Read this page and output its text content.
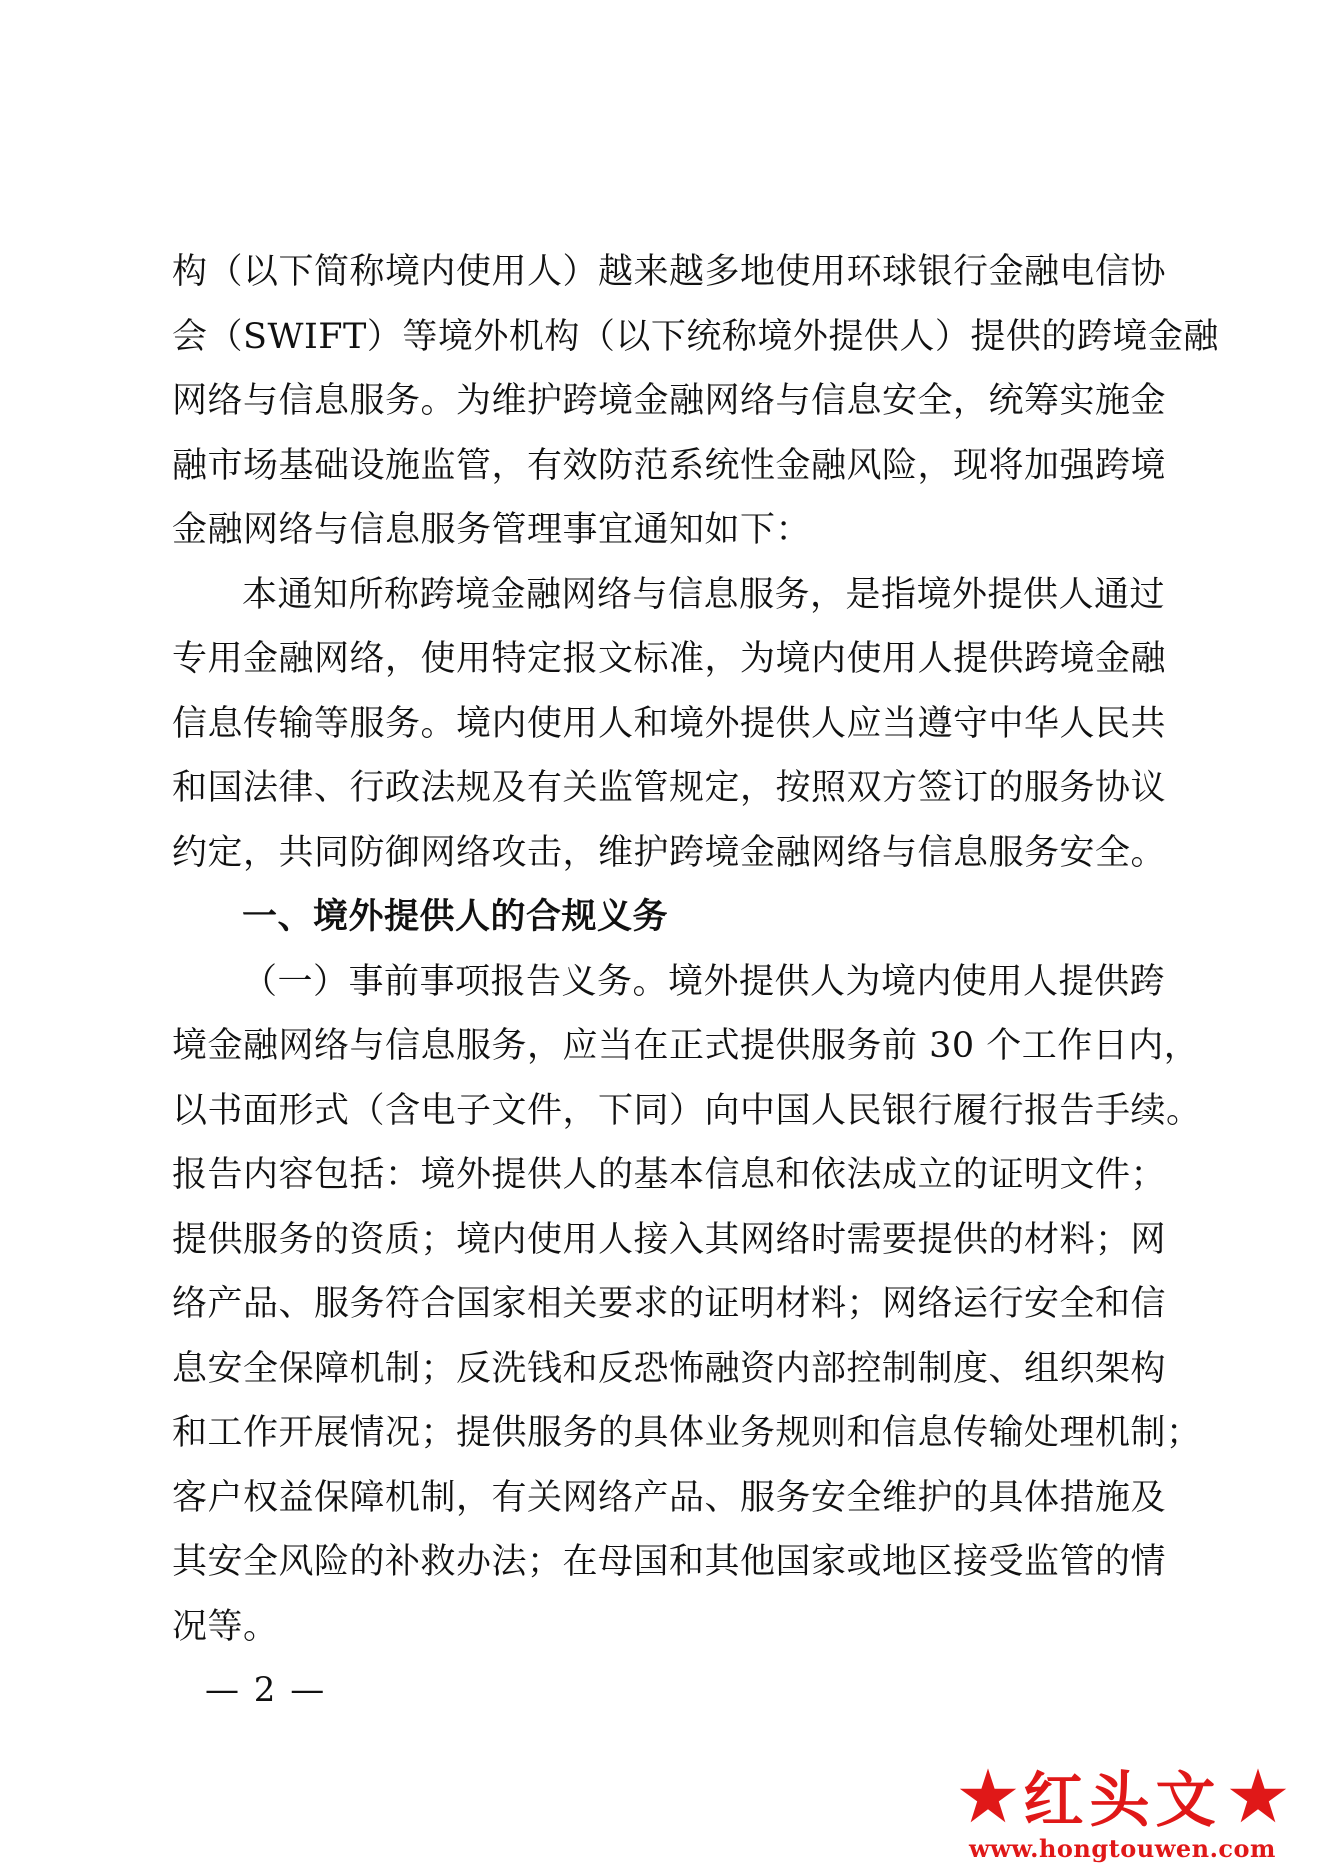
构（以下简称境内使用人）越来越多地使用环球银行金融电信协
会（SWIFT）等境外机构（以下统称境外提供人）提供的跨境金融
网络与信息服务。为维护跨境金融网络与信息安全，统筹实施金
融市场基础设施监管，有效防范系统性金融风险，现将加强跨境
金融网络与信息服务管理事宜通知如下：
本通知所称跨境金融网络与信息服务，是指境外提供人通过
专用金融网络，使用特定报文标准，为境内使用人提供跨境金融
信息传输等服务。境内使用人和境外提供人应当遵守中华人民共
和国法律、行政法规及有关监管规定，按照双方签订的服务协议
约定，共同防御网络攻击，维护跨境金融网络与信息服务安全。
一、境外提供人的合规义务
（一）事前事项报告义务。境外提供人为境内使用人提供跨
境金融网络与信息服务，应当在正式提供服务前 30 个工作日内，
以书面形式（含电子文件，下同）向中国人民银行履行报告手续。
报告内容包括：境外提供人的基本信息和依法成立的证明文件；
提供服务的资质；境内使用人接入其网络时需要提供的材料；网
络产品、服务符合国家相关要求的证明材料；网络运行安全和信
息安全保障机制；反洗钱和反恐怖融资内部控制制度、组织架构
和工作开展情况；提供服务的具体业务规则和信息传输处理机制；
客户权益保障机制，有关网络产品、服务安全维护的具体措施及
其安全风险的补救办法；在母国和其他国家或地区接受监管的情
况等。
— 2 —
红头文
www.hongtouwen.com
